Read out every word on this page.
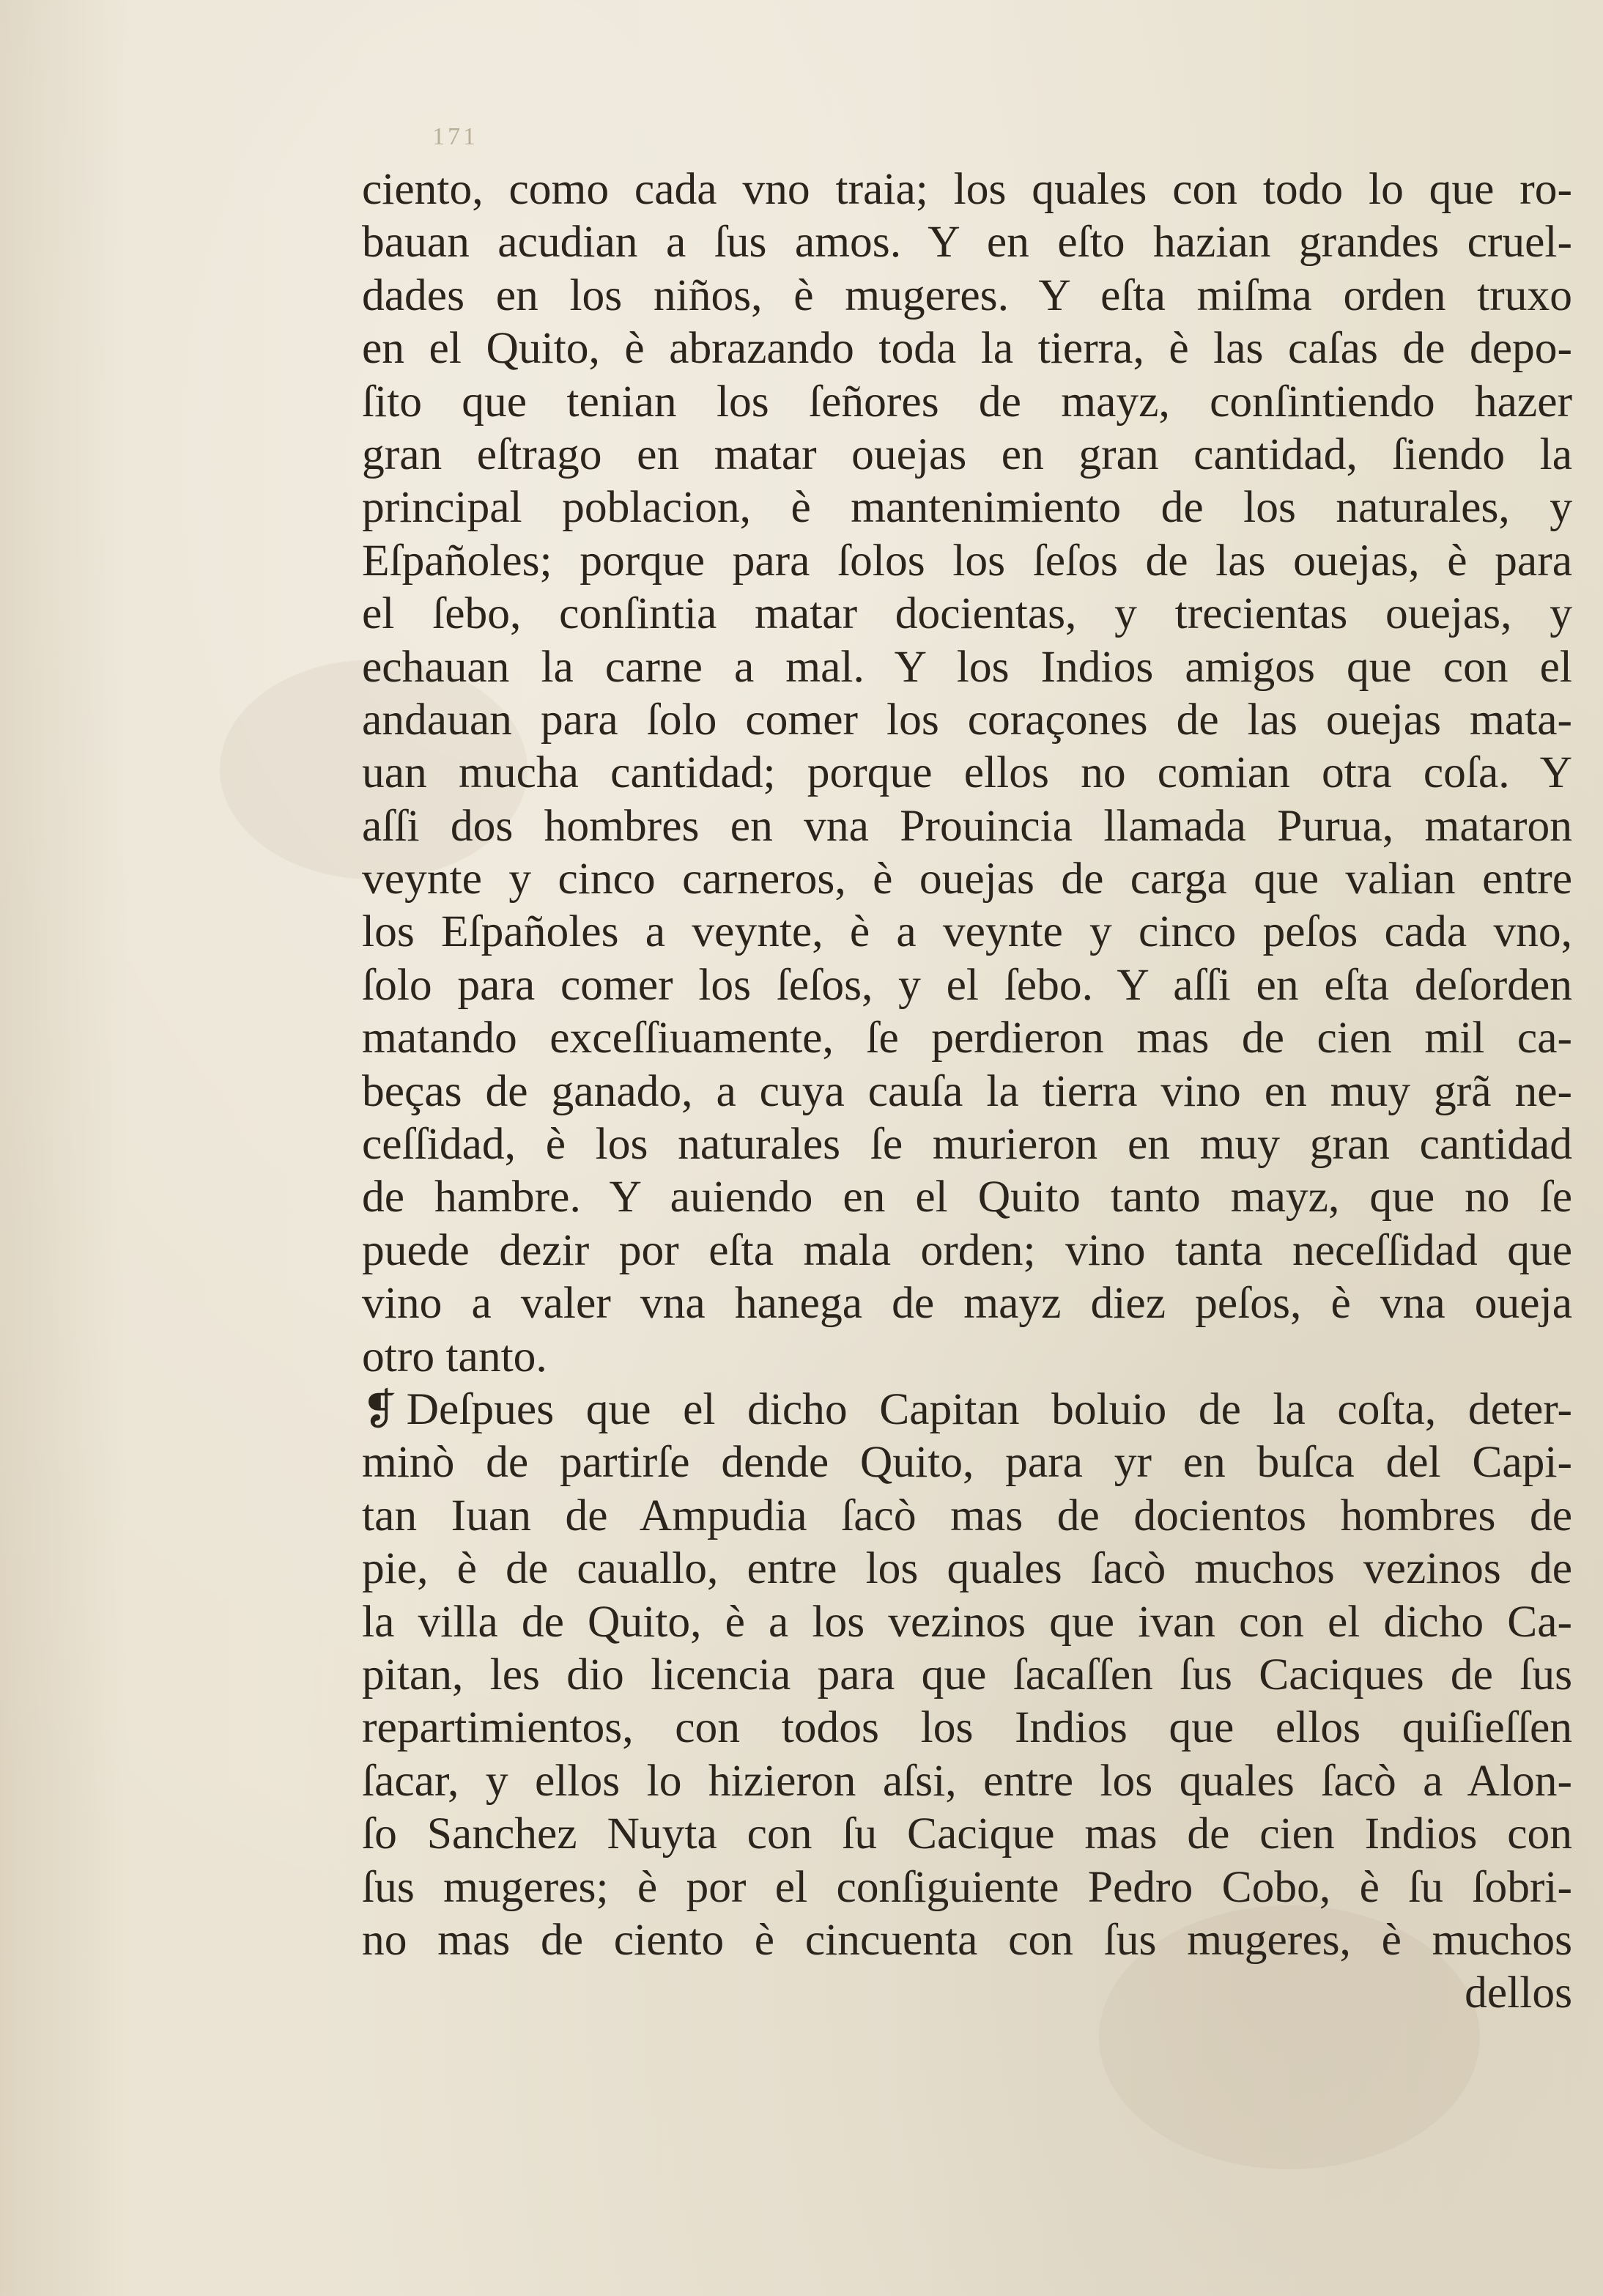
171
ciento, como cada vno traia; los quales con todo lo que ro-
bauan acudian a ſus amos. Y en eſto hazian grandes cruel-
dades en los niños, è mugeres. Y eſta miſma orden truxo
en el Quito, è abrazando toda la tierra, è las caſas de depo-
ſito que tenian los ſeñores de mayz, conſintiendo hazer
gran eſtrago en matar ouejas en gran cantidad, ſiendo la
principal poblacion, è mantenimiento de los naturales, y
Eſpañoles; porque para ſolos los ſeſos de las ouejas, è para
el ſebo, conſintia matar docientas, y trecientas ouejas, y
echauan la carne a mal. Y los Indios amigos que con el
andauan para ſolo comer los coraçones de las ouejas mata-
uan mucha cantidad; porque ellos no comian otra coſa. Y
aſſi dos hombres en vna Prouincia llamada Purua, mataron
veynte y cinco carneros, è ouejas de carga que valian entre
los Eſpañoles a veynte, è a veynte y cinco peſos cada vno,
ſolo para comer los ſeſos, y el ſebo. Y aſſi en eſta deſorden
matando exceſſiuamente, ſe perdieron mas de cien mil ca-
beças de ganado, a cuya cauſa la tierra vino en muy grã ne-
ceſſidad, è los naturales ſe murieron en muy gran cantidad
de hambre. Y auiendo en el Quito tanto mayz, que no ſe
puede dezir por eſta mala orden; vino tanta neceſſidad que
vino a valer vna hanega de mayz diez peſos, è vna oueja
otro tanto.
❡ Deſpues que el dicho Capitan boluio de la coſta, deter-
minò de partirſe dende Quito, para yr en buſca del Capi-
tan Iuan de Ampudia ſacò mas de docientos hombres de
pie, è de cauallo, entre los quales ſacò muchos vezinos de
la villa de Quito, è a los vezinos que ivan con el dicho Ca-
pitan, les dio licencia para que ſacaſſen ſus Caciques de ſus
repartimientos, con todos los Indios que ellos quiſieſſen
ſacar, y ellos lo hizieron aſsi, entre los quales ſacò a Alon-
ſo Sanchez Nuyta con ſu Cacique mas de cien Indios con
ſus mugeres; è por el conſiguiente Pedro Cobo, è ſu ſobri-
no mas de ciento è cincuenta con ſus mugeres, è muchos
dellos
